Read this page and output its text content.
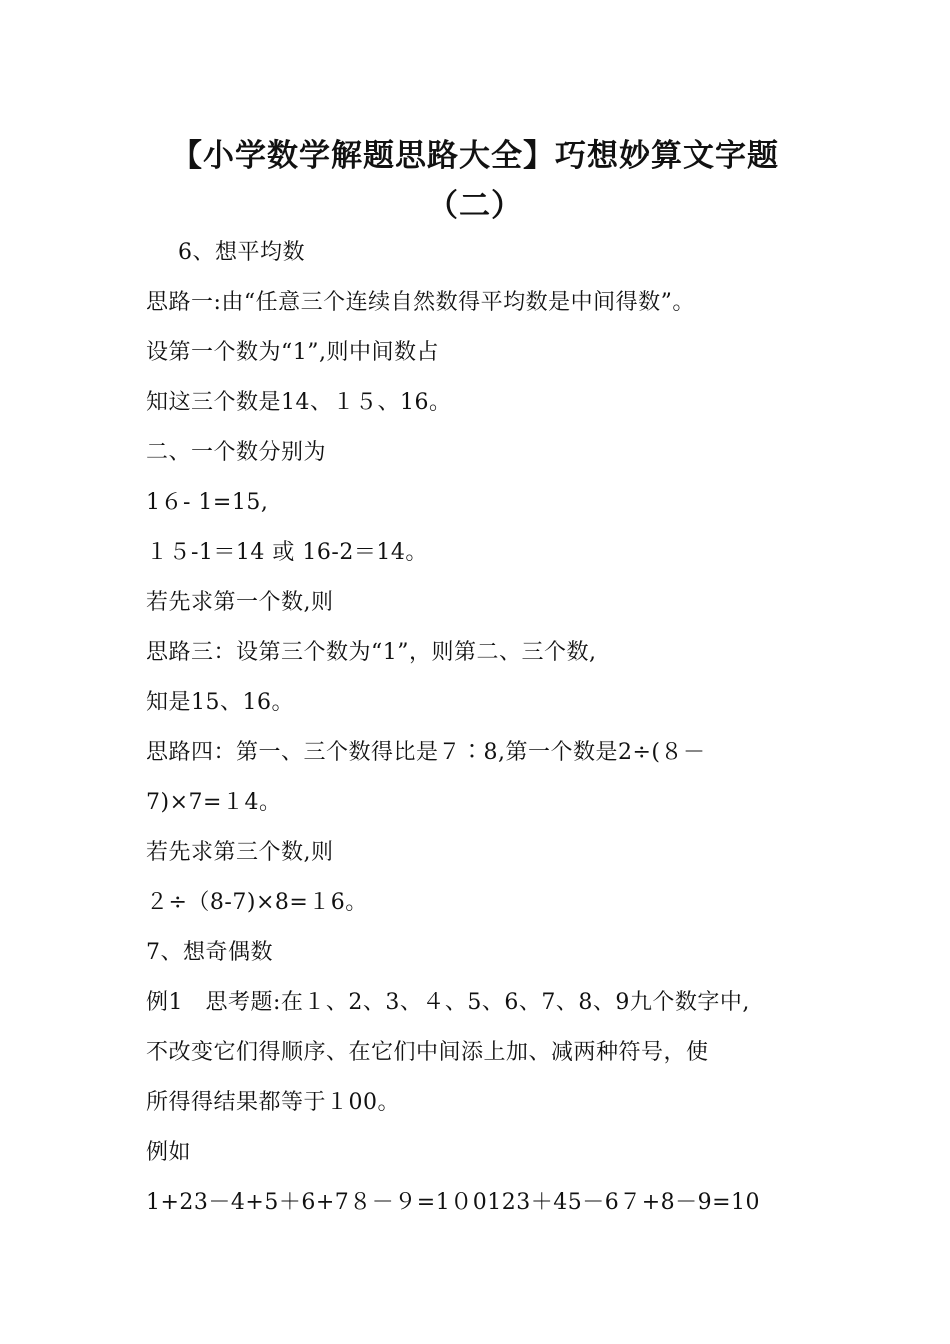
【小学数学解题思路大全】巧想妙算文字题
（二）
6、想平均数
思路一:由“任意三个连续自然数得平均数是中间得数”。
设第一个数为“1”,则中间数占
知这三个数是14、１５、16。
二、一个数分别为
1６- 1=15,
１５-1＝14 或 16-2＝14。
若先求第一个数,则
思路三：设第三个数为“1”，则第二、三个数,
知是15、16。
思路四：第一、三个数得比是７∶8,第一个数是2÷(８－
7)×7=１4。
若先求第三个数,则
２÷（8-7)×8=１6。
7、想奇偶数
例1　思考题:在１、2、3、４、5、6、7、8、9九个数字中,
不改变它们得顺序、在它们中间添上加、减两种符号，使
所得得结果都等于１00。
例如
1+23－4+5＋6+7８－９=1０0123＋45－6７+8－9=10
